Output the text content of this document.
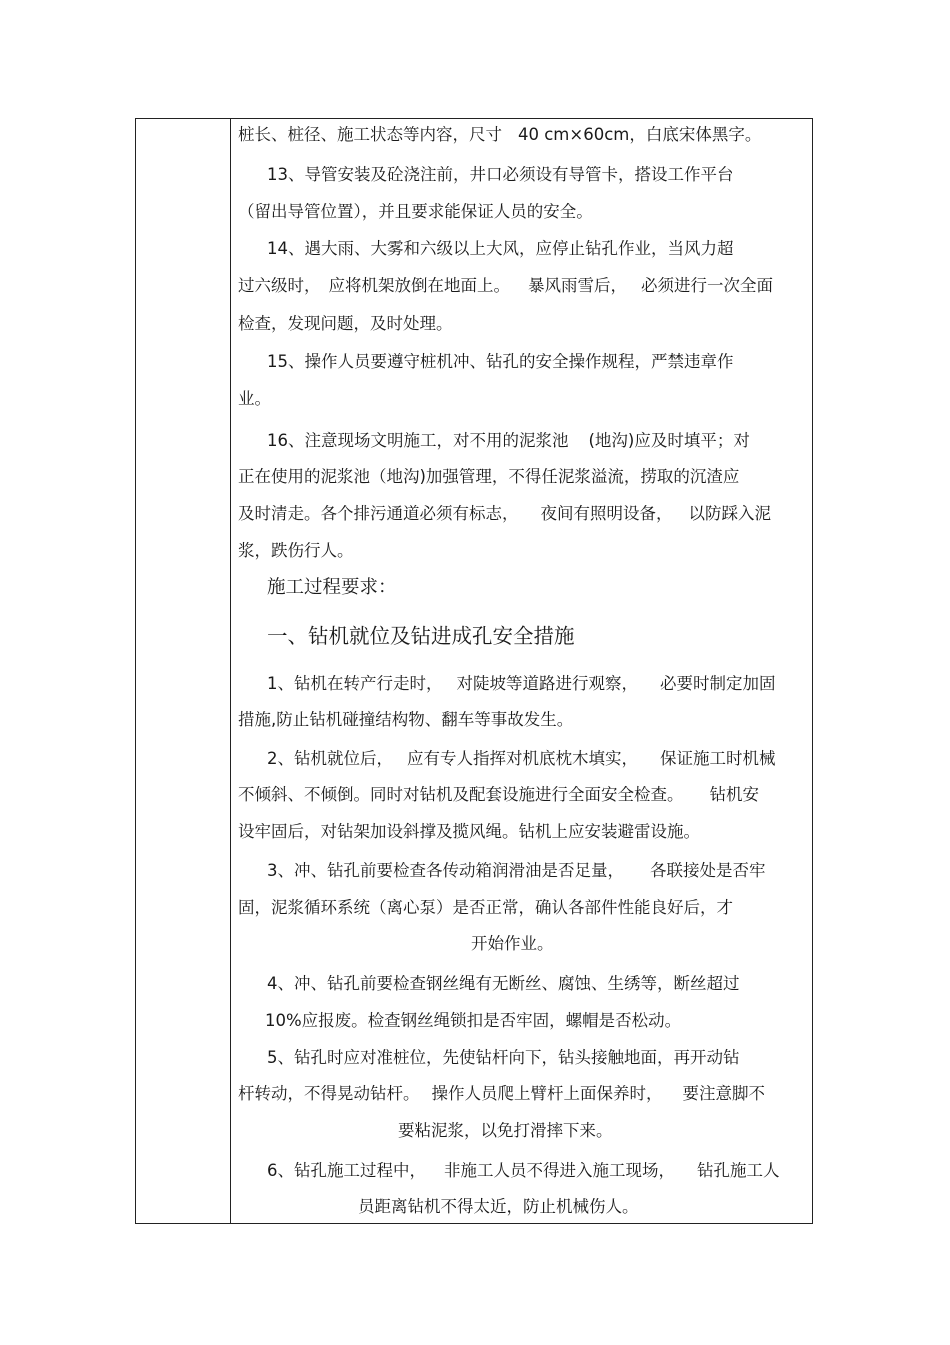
桩长、桩径、施工状态等内容，尺寸 40 cm×60cm，白底宋体黑字。
13、导管安装及砼浇注前，井口必须设有导管卡，搭设工作平台
（留出导管位置），并且要求能保证人员的安全。
14、遇大雨、大雾和六级以上大风，应停止钻孔作业，当风力超
过六级时， 应将机架放倒在地面上。 暴风雨雪后， 必须进行一次全面
检查，发现问题，及时处理。
15、操作人员要遵守桩机冲、钻孔的安全操作规程，严禁违章作
业。
16、注意现场文明施工，对不用的泥浆池 (地沟)应及时填平；对
正在使用的泥浆池（地沟)加强管理，不得任泥浆溢流，捞取的沉渣应
及时清走。各个排污通道必须有标志， 夜间有照明设备， 以防踩入泥
浆，跌伤行人。
施工过程要求：
一、钻机就位及钻进成孔安全措施
1、钻机在转产行走时， 对陡坡等道路进行观察， 必要时制定加固
措施,防止钻机碰撞结构物、翻车等事故发生。
2、钻机就位后， 应有专人指挥对机底枕木填实， 保证施工时机械
不倾斜、不倾倒。同时对钻机及配套设施进行全面安全检查。 钻机安
设牢固后，对钻架加设斜撑及揽风绳。钻机上应安装避雷设施。
3、冲、钻孔前要检查各传动箱润滑油是否足量， 各联接处是否牢
固，泥浆循环系统（离心泵）是否正常，确认各部件性能良好后，才
开始作业。
4、冲、钻孔前要检查钢丝绳有无断丝、腐蚀、生绣等，断丝超过
10%应报废。检查钢丝绳锁扣是否牢固，螺帽是否松动。
5、钻孔时应对准桩位，先使钻杆向下，钻头接触地面，再开动钻
杆转动，不得晃动钻杆。 操作人员爬上臂杆上面保养时， 要注意脚不
要粘泥浆，以免打滑摔下来。
6、钻孔施工过程中， 非施工人员不得进入施工现场， 钻孔施工人
员距离钻机不得太近，防止机械伤人。
